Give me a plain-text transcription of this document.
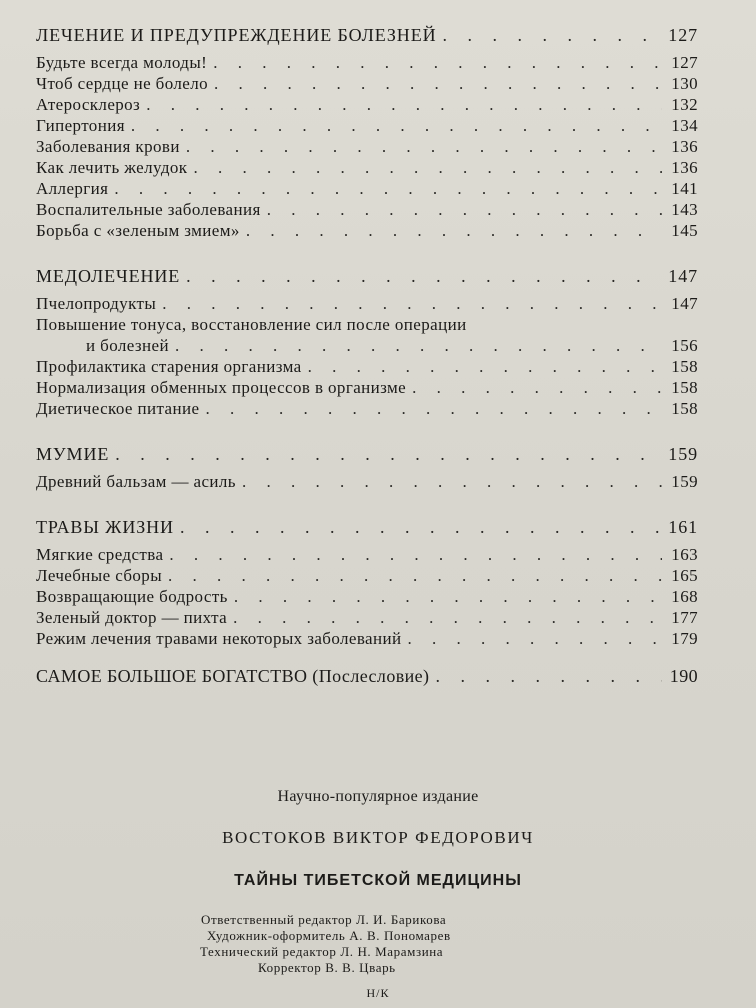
ЛЕЧЕНИЕ И ПРЕДУПРЕЖДЕНИЕ БОЛЕЗНЕЙ . . .	127
Будьте всегда молоды! . . .	127
Чтоб сердце не болело . . .	130
Атеросклероз . . .	132
Гипертония . . .	134
Заболевания крови . . .	136
Как лечить желудок . . .	136
Аллергия . . .	141
Воспалительные заболевания . . .	143
Борьба с «зеленым змием» . . .	145
МЕДОЛЕЧЕНИЕ . . .	147
Пчелопродукты . . .	147
Повышение тонуса, восстановление сил после операции
и болезней . . .	156
Профилактика старения организма . . .	158
Нормализация обменных процессов в организме . . .	158
Диетическое питание . . .	158
МУМИЕ . . .	159
Древний бальзам — асиль . . .	159
ТРАВЫ ЖИЗНИ . . .	161
Мягкие средства . . .	163
Лечебные сборы . . .	165
Возвращающие бодрость . . .	168
Зеленый доктор — пихта . . .	177
Режим лечения травами некоторых заболеваний . . .	179
САМОЕ БОЛЬШОЕ БОГАТСТВО (Послесловие) . . .	190
Научно-популярное издание
ВОСТОКОВ ВИКТОР ФЕДОРОВИЧ
ТАЙНЫ ТИБЕТСКОЙ МЕДИЦИНЫ
Ответственный редактор Л. И. Барикова
Художник-оформитель А. В. Пономарев
Технический редактор Л. Н. Марамзина
Корректор В. В. Цварь
Н/К
